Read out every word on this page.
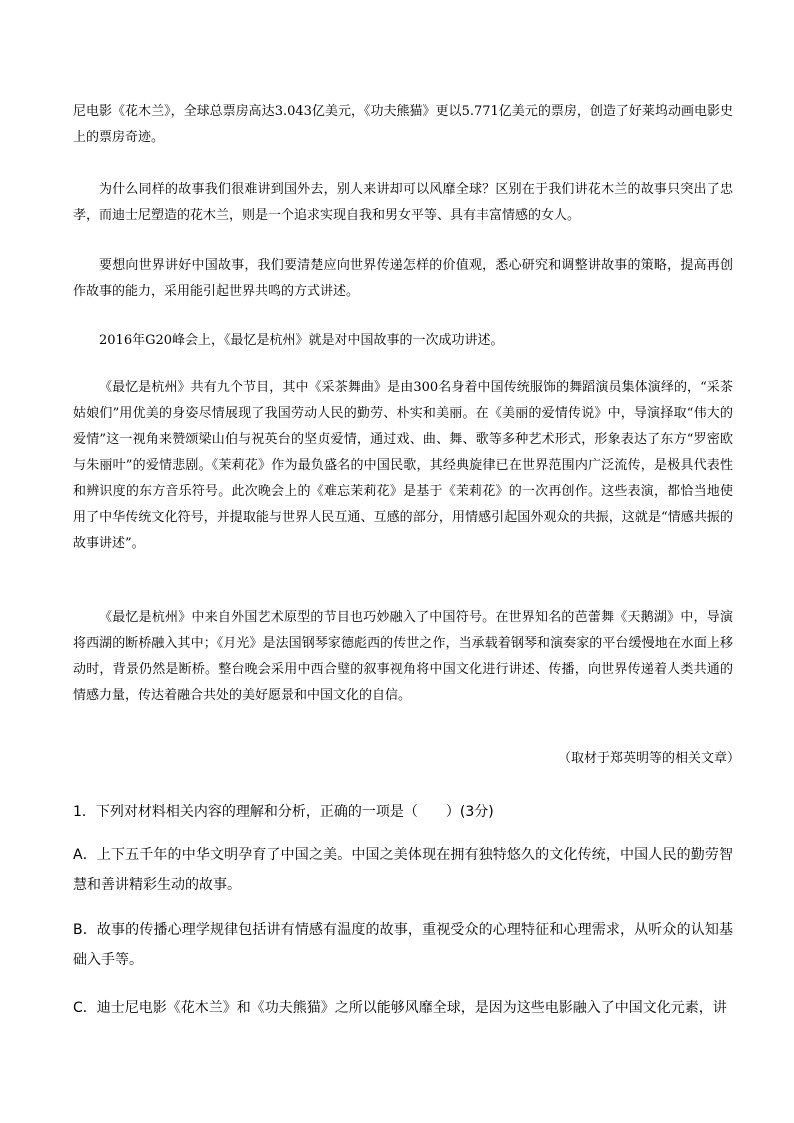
尼电影《花木兰》，全球总票房高达3.043亿美元，《功夫熊猫》更以5.771亿美元的票房，创造了好莱坞动画电影史上的票房奇迹。

为什么同样的故事我们很难讲到国外去，别人来讲却可以风靡全球？区别在于我们讲花木兰的故事只突出了忠孝，而迪士尼塑造的花木兰，则是一个追求实现自我和男女平等、具有丰富情感的女人。

要想向世界讲好中国故事，我们要清楚应向世界传递怎样的价值观，悉心研究和调整讲故事的策略，提高再创作故事的能力，采用能引起世界共鸣的方式讲述。

2016年G20峰会上，《最忆是杭州》就是对中国故事的一次成功讲述。

《最忆是杭州》共有九个节目，其中《采茶舞曲》是由300名身着中国传统服饰的舞蹈演员集体演绎的，“采茶姑娘们”用优美的身姿尽情展现了我国劳动人民的勤劳、朴实和美丽。在《美丽的爱情传说》中，导演择取“伟大的爱情”这一视角来赞颂梁山伯与祝英台的坚贞爱情，通过戏、曲、舞、歌等多种艺术形式，形象表达了东方“罗密欧与朱丽叶”的爱情悲剧。《茉莉花》作为最负盛名的中国民歌，其经典旋律已在世界范围内广泛流传，是极具代表性和辨识度的东方音乐符号。此次晚会上的《难忘茉莉花》是基于《茉莉花》的一次再创作。这些表演，都恰当地使用了中华传统文化符号，并提取能与世界人民互通、互感的部分，用情感引起国外观众的共振，这就是“情感共振的故事讲述”。

《最忆是杭州》中来自外国艺术原型的节目也巧妙融入了中国符号。在世界知名的芭蕾舞《天鹅湖》中，导演将西湖的断桥融入其中；《月光》是法国钢琴家德彪西的传世之作，当承载着钢琴和演奏家的平台缓慢地在水面上移动时，背景仍然是断桥。整台晚会采用中西合璧的叙事视角将中国文化进行讲述、传播，向世界传递着人类共通的情感力量，传达着融合共处的美好愿景和中国文化的自信。

（取材于郑英明等的相关文章）

1．下列对材料相关内容的理解和分析，正确的一项是（　　）(3分)

A．上下五千年的中华文明孕育了中国之美。中国之美体现在拥有独特悠久的文化传统，中国人民的勤劳智慧和善讲精彩生动的故事。

B．故事的传播心理学规律包括讲有情感有温度的故事，重视受众的心理特征和心理需求，从听众的认知基础入手等。

C．迪士尼电影《花木兰》和《功夫熊猫》之所以能够风靡全球，是因为这些电影融入了中国文化元素，讲
